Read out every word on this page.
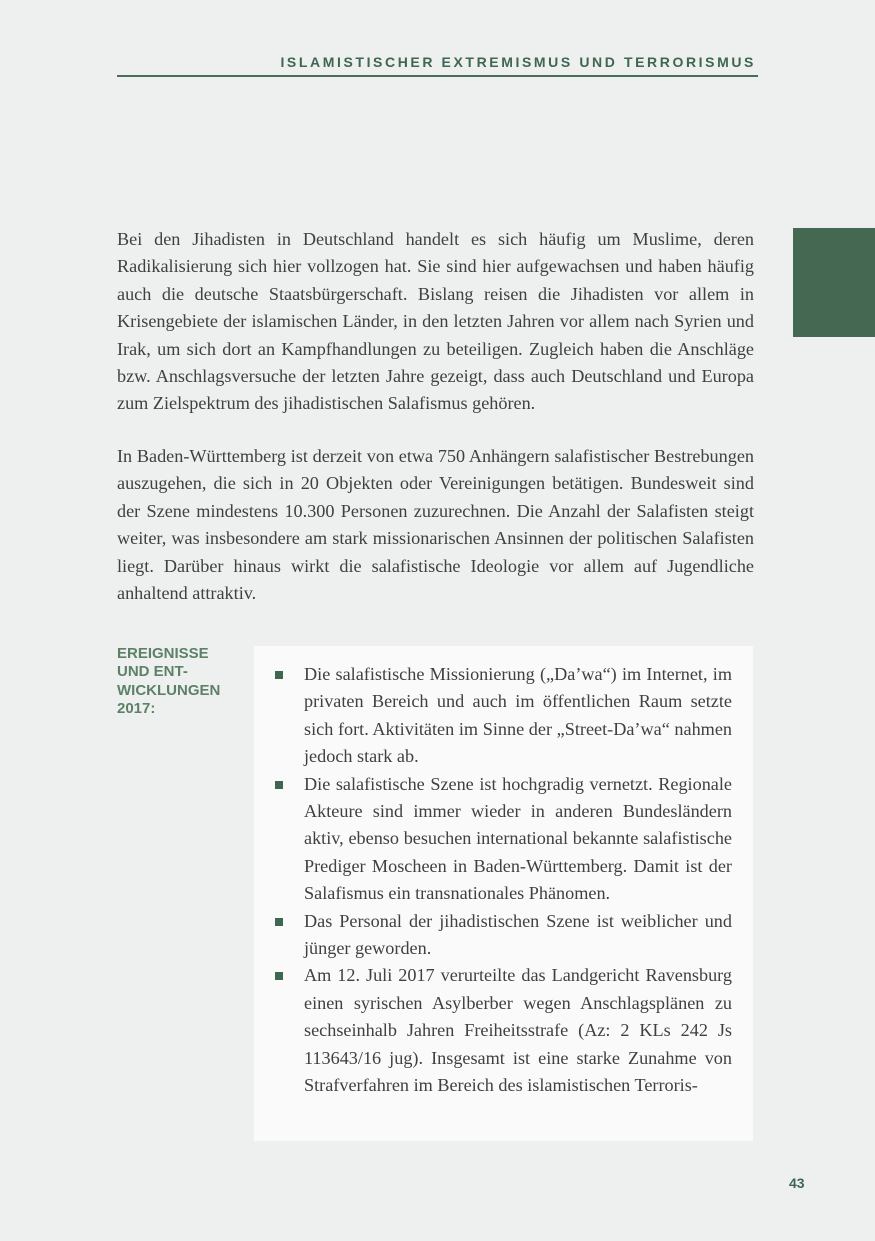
ISLAMISTISCHER EXTREMISMUS UND TERRORISMUS

Bei den Jihadisten in Deutschland handelt es sich häufig um Muslime, deren Radikalisierung sich hier vollzogen hat. Sie sind hier aufgewachsen und haben häufig auch die deutsche Staatsbürgerschaft. Bislang reisen die Jihadisten vor allem in Krisengebiete der islamischen Länder, in den letzten Jahren vor allem nach Syrien und Irak, um sich dort an Kampfhandlungen zu beteiligen. Zugleich haben die Anschläge bzw. Anschlagsversuche der letzten Jahre gezeigt, dass auch Deutschland und Europa zum Zielspektrum des jihadistischen Salafismus gehören.

In Baden-Württemberg ist derzeit von etwa 750 Anhängern salafistischer Bestrebungen auszugehen, die sich in 20 Objekten oder Vereinigungen betätigen. Bundesweit sind der Szene mindestens 10.300 Personen zuzurechnen. Die Anzahl der Salafisten steigt weiter, was insbesondere am stark missionarischen Ansinnen der politischen Salafisten liegt. Darüber hinaus wirkt die salafistische Ideologie vor allem auf Jugendliche anhaltend attraktiv.

EREIGNISSE
UND ENT-
WICKLUNGEN
2017:
Die salafistische Missionierung („Da’wa“) im Internet, im privaten Bereich und auch im öffentlichen Raum setzte sich fort. Aktivitäten im Sinne der „Street-Da’wa“ nahmen jedoch stark ab.
Die salafistische Szene ist hochgradig vernetzt. Regionale Akteure sind immer wieder in anderen Bundesländern aktiv, ebenso besuchen international bekannte salafistische Prediger Moscheen in Baden-Württemberg. Damit ist der Salafismus ein transnationales Phänomen.
Das Personal der jihadistischen Szene ist weiblicher und jünger geworden.
Am 12. Juli 2017 verurteilte das Landgericht Ravensburg einen syrischen Asylberber wegen Anschlagsplänen zu sechseinhalb Jahren Freiheitsstrafe (Az: 2 KLs 242 Js 113643/16 jug). Insgesamt ist eine starke Zunahme von Strafverfahren im Bereich des islamistischen Terroris-
43
